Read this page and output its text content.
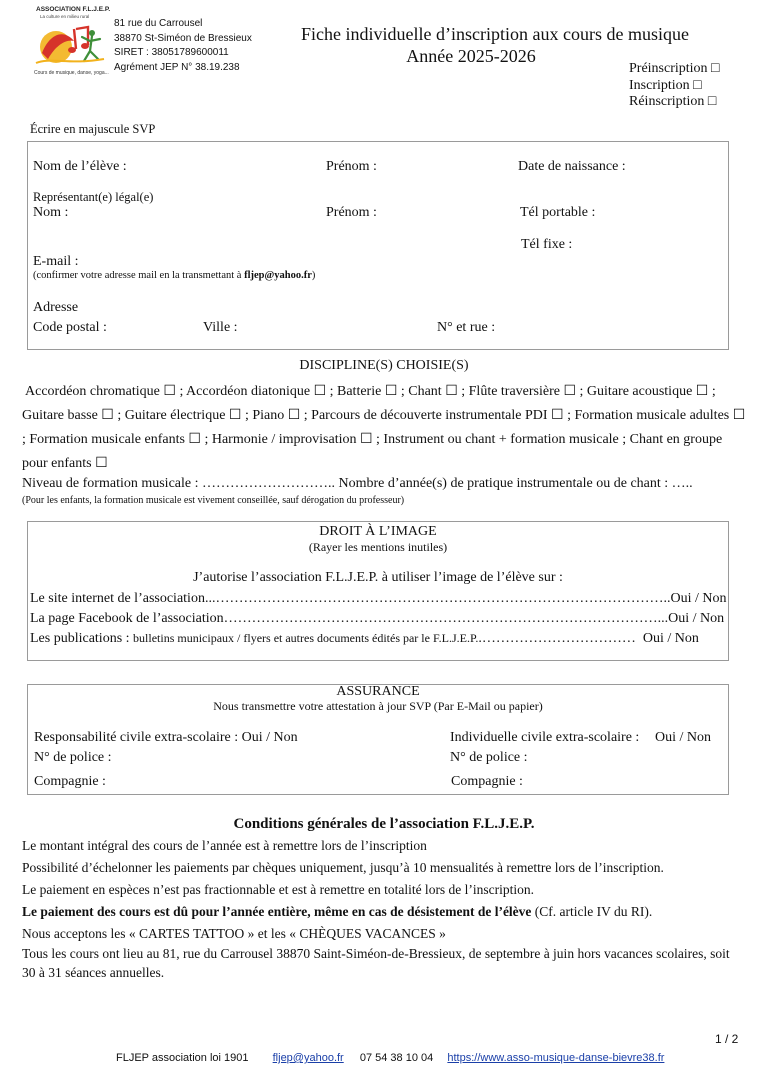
ASSOCIATION F.L.J.E.P.
La culture en milieu rural
Cours de musique, danse, yoga...
81 rue du Carrousel
38870 St-Siméon de Bressieux
SIRET : 38051789600011
Agrément JEP N° 38.19.238
Fiche individuelle d’inscription aux cours de musique
Année 2025-2026
Préinscription □
Inscription □
Réinscription □
Écrire en majuscule SVP
Nom de l’élève :	Prénom :	Date de naissance :
Représentant(e) légal(e)
Nom :	Prénom :	Tél portable :
Tél fixe :
E-mail :
(confirmer votre adresse mail en la transmettant à fljep@yahoo.fr)
Adresse
Code postal :	Ville :	N° et rue :
DISCIPLINE(S) CHOISIE(S)
Accordéon chromatique ☐ ; Accordéon diatonique ☐ ; Batterie ☐ ; Chant ☐ ; Flûte traversière ☐ ; Guitare acoustique ☐ ; Guitare basse ☐ ; Guitare électrique ☐ ; Piano ☐ ; Parcours de découverte instrumentale PDI ☐ ; Formation musicale adultes ☐ ; Formation musicale enfants ☐ ; Harmonie / improvisation ☐ ; Instrument ou chant + formation musicale ; Chant en groupe pour enfants ☐
Niveau de formation musicale : ……………………….. Nombre d’année(s) de pratique instrumentale ou de chant : …..
(Pour les enfants, la formation musicale est vivement conseillée, sauf dérogation du professeur)
DROIT À L’IMAGE
(Rayer les mentions inutiles)
J’autorise l’association F.L.J.E.P. à utiliser l’image de l’élève sur :
Le site internet de l’association...……………………………………………………………………………………..Oui / Non
La page Facebook de l’association…………………………………………………………………………………...Oui / Non
Les publications : bulletins municipaux / flyers et autres documents édités par le F.L.J.E.P..…………………………… Oui / Non
ASSURANCE
Nous transmettre votre attestation à jour SVP (Par E-Mail ou papier)
Responsabilité civile extra-scolaire : Oui / Non	Individuelle civile extra-scolaire : Oui / Non
N° de police :	N° de police :
Compagnie :	Compagnie :
Conditions générales de l’association F.L.J.E.P.
Le montant intégral des cours de l’année est à remettre lors de l’inscription
Possibilité d’échelonner les paiements par chèques uniquement, jusqu’à 10 mensualités à remettre lors de l’inscription.
Le paiement en espèces n’est pas fractionnable et est à remettre en totalité lors de l’inscription.
Le paiement des cours est dû pour l’année entière, même en cas de désistement de l’élève (Cf. article IV du RI).
Nous acceptons les « CARTES TATTOO » et les « CHÈQUES VACANCES »
Tous les cours ont lieu au 81, rue du Carrousel 38870 Saint-Siméon-de-Bressieux, de septembre à juin hors vacances scolaires, soit 30 à 31 séances annuelles.
1 / 2
FLJEP association loi 1901 fljep@yahoo.fr 07 54 38 10 04 https://www.asso-musique-danse-bievre38.fr
